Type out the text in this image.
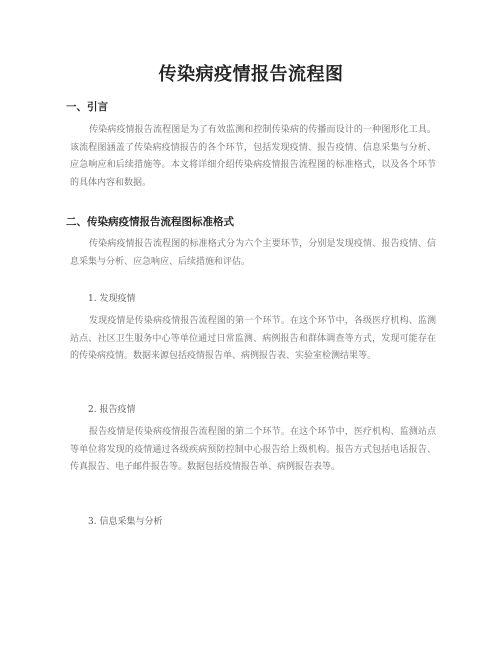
传染病疫情报告流程图
一、引言
传染病疫情报告流程图是为了有效监测和控制传染病的传播而设计的一种图形化工具。该流程图涵盖了传染病疫情报告的各个环节，包括发现疫情、报告疫情、信息采集与分析、应急响应和后续措施等。本文将详细介绍传染病疫情报告流程图的标准格式，以及各个环节的具体内容和数据。
二、传染病疫情报告流程图标准格式
传染病疫情报告流程图的标准格式分为六个主要环节，分别是发现疫情、报告疫情、信息采集与分析、应急响应、后续措施和评估。
1. 发现疫情
发现疫情是传染病疫情报告流程图的第一个环节。在这个环节中，各级医疗机构、监测站点、社区卫生服务中心等单位通过日常监测、病例报告和群体调查等方式，发现可能存在的传染病疫情。数据来源包括疫情报告单、病例报告表、实验室检测结果等。
2. 报告疫情
报告疫情是传染病疫情报告流程图的第二个环节。在这个环节中，医疗机构、监测站点等单位将发现的疫情通过各级疾病预防控制中心报告给上级机构。报告方式包括电话报告、传真报告、电子邮件报告等。数据包括疫情报告单、病例报告表等。
3. 信息采集与分析
